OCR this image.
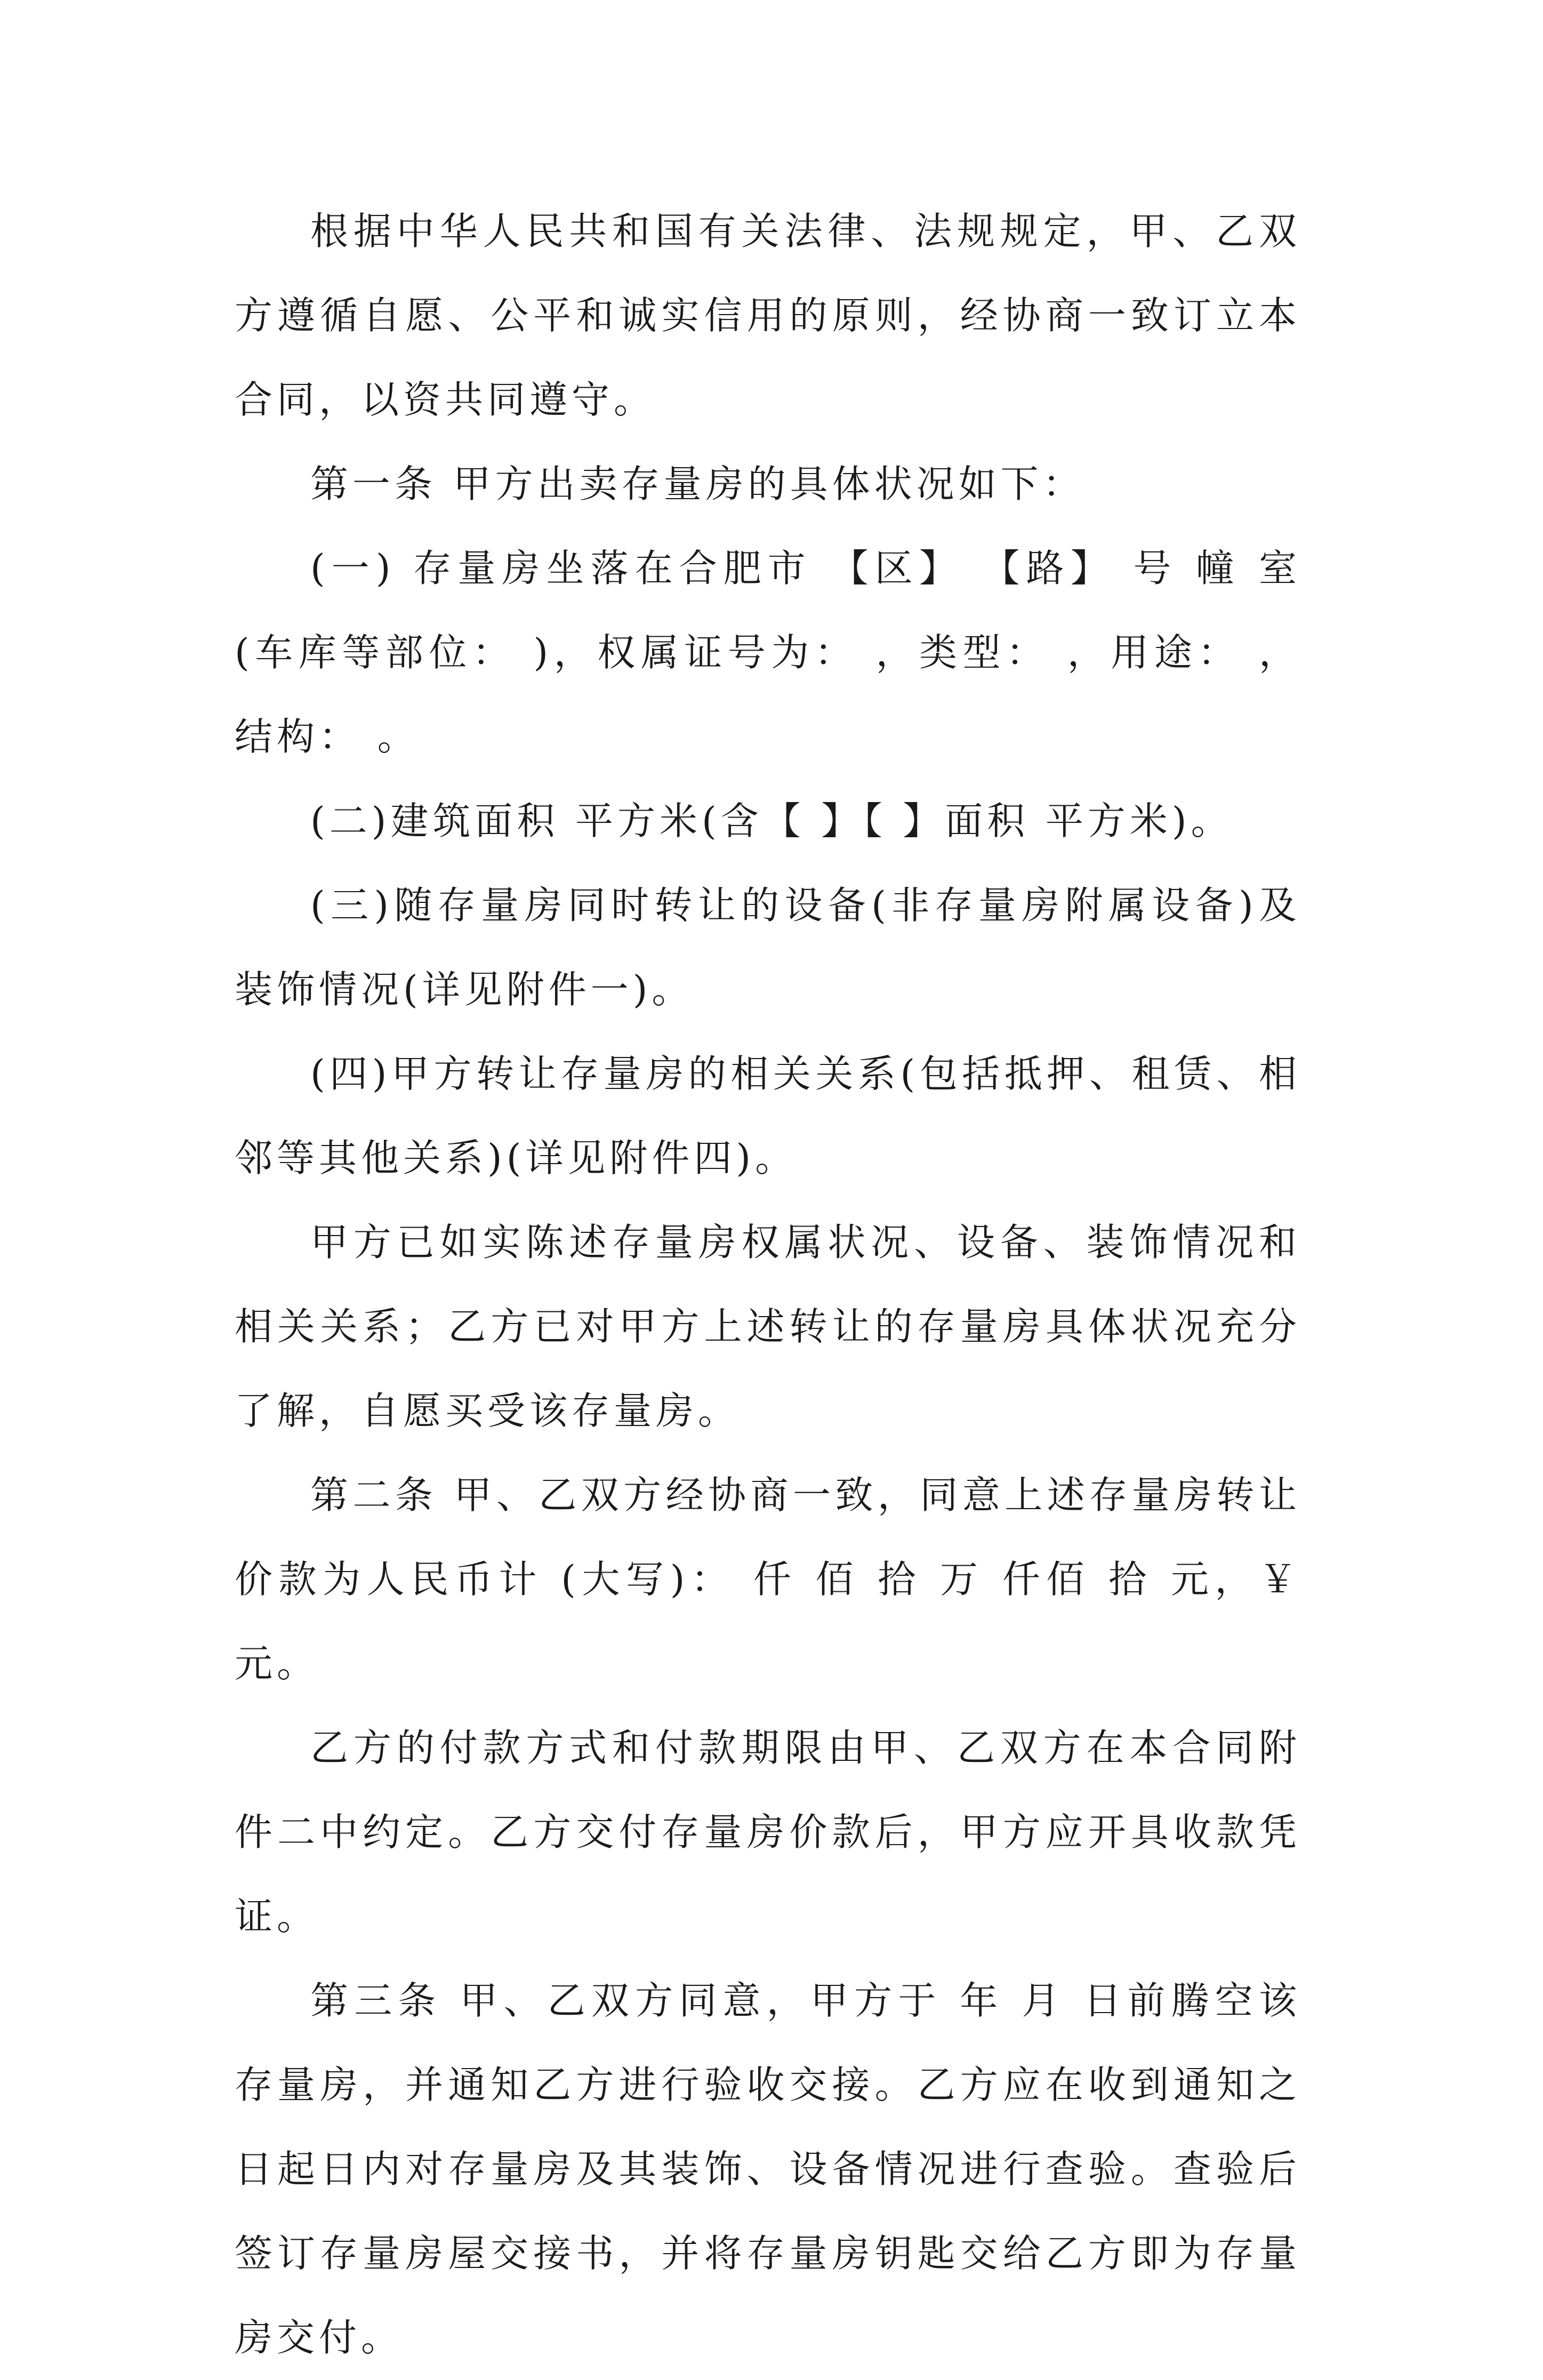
根据中华人民共和国有关法律、法规规定，甲、乙双方遵循自愿、公平和诚实信用的原则，经协商一致订立本合同，以资共同遵守。

第一条 甲方出卖存量房的具体状况如下：

(一) 存量房坐落在合肥市 【区】 【路】 号 幢 室(车库等部位： )，权属证号为： ，类型： ，用途： ，结构： 。

(二)建筑面积 平方米(含【 】【 】面积 平方米)。

(三)随存量房同时转让的设备(非存量房附属设备)及装饰情况(详见附件一)。

(四)甲方转让存量房的相关关系(包括抵押、租赁、相邻等其他关系)(详见附件四)。

甲方已如实陈述存量房权属状况、设备、装饰情况和相关关系；乙方已对甲方上述转让的存量房具体状况充分了解，自愿买受该存量房。

第二条 甲、乙双方经协商一致，同意上述存量房转让价款为人民币计 (大写)： 仟 佰 拾 万 仟佰 拾 元，￥ 元。

乙方的付款方式和付款期限由甲、乙双方在本合同附件二中约定。乙方交付存量房价款后，甲方应开具收款凭证。

第三条 甲、乙双方同意，甲方于 年 月 日前腾空该存量房，并通知乙方进行验收交接。乙方应在收到通知之日起日内对存量房及其装饰、设备情况进行查验。查验后签订存量房屋交接书，并将存量房钥匙交给乙方即为存量房交付。
